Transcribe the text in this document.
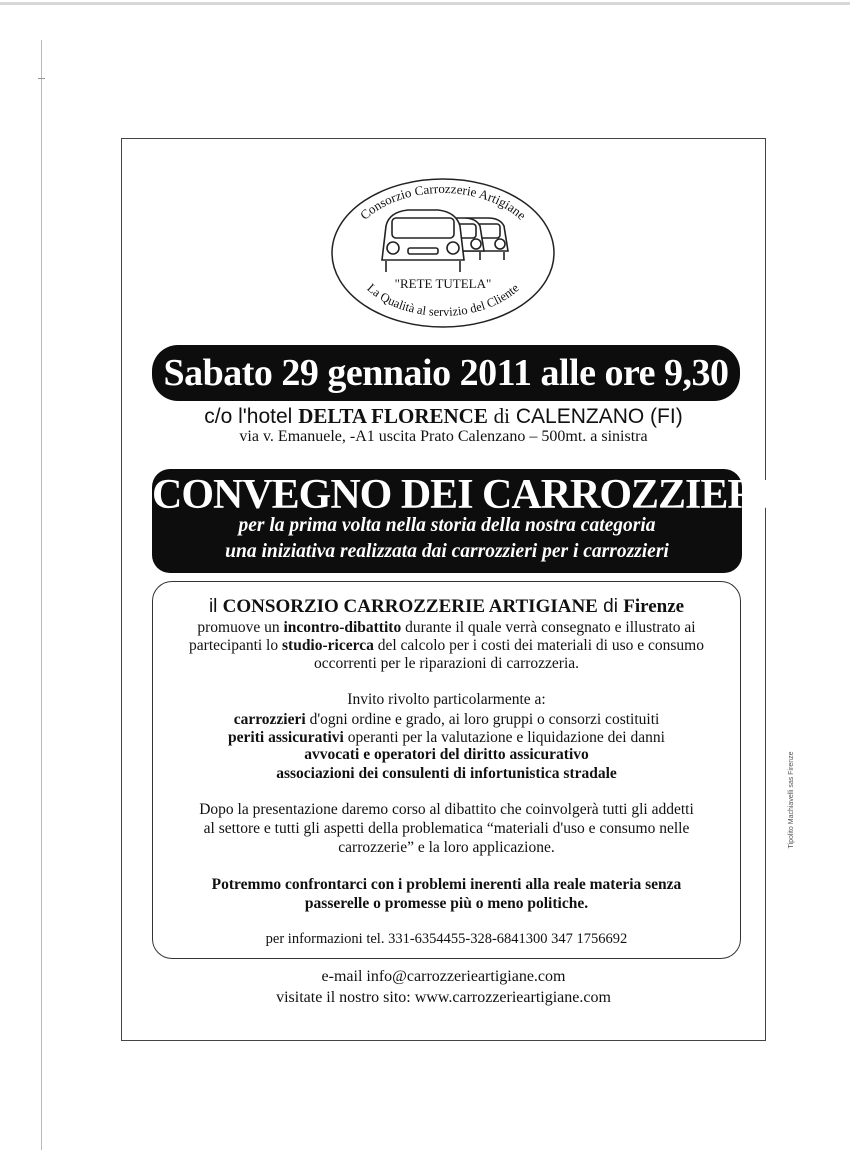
Tipolito Machiavelli sas Firenze
Consorzio Carrozzerie Artigiane
"RETE TUTELA"
La Qualità al servizio del Cliente
Sabato 29 gennaio 2011 alle ore 9,30
c/o l'hotel DELTA FLORENCE di CALENZANO (FI)
via v. Emanuele, -A1 uscita Prato Calenzano – 500mt. a sinistra
CONVEGNO DEI CARROZZIERI
per la prima volta nella storia della nostra categoria
una iniziativa realizzata dai carrozzieri per i carrozzieri
il CONSORZIO CARROZZERIE ARTIGIANE di Firenze
promuove un incontro-dibattito durante il quale verrà consegnato e illustrato ai
partecipanti lo studio-ricerca del calcolo per i costi dei materiali di uso e consumo
occorrenti per le riparazioni di carrozzeria.
Invito rivolto particolarmente a:
carrozzieri d'ogni ordine e grado, ai loro gruppi o consorzi costituiti
periti assicurativi operanti per la valutazione e liquidazione dei danni
avvocati e operatori del diritto assicurativo
associazioni dei consulenti di infortunistica stradale
Dopo la presentazione daremo corso al dibattito che coinvolgerà tutti gli addetti
al settore e tutti gli aspetti della problematica “materiali d'uso e consumo nelle
carrozzerie” e la loro applicazione.
Potremmo confrontarci con i problemi inerenti alla reale materia senza
passerelle o promesse più o meno politiche.
per informazioni tel. 331-6354455-328-6841300 347 1756692
e-mail info@carrozzerieartigiane.com
visitate il nostro sito: www.carrozzerieartigiane.com
